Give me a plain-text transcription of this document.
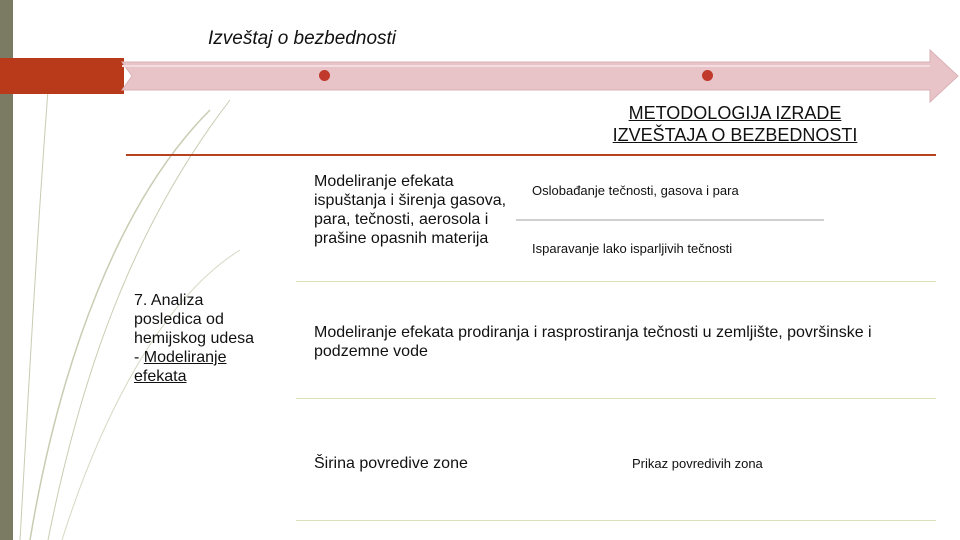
Izveštaj o bezbednosti
METODOLOGIJA IZRADE
IZVEŠTAJA O BEZBEDNOSTI
7. Analiza
posledica od
hemijskog udesa
- Modeliranje
efekata
Modeliranje efekata ispuštanja i širenja gasova, para, tečnosti, aerosola i prašine opasnih materija
Oslobađanje tečnosti, gasova i para
Isparavanje lako isparljivih tečnosti
Modeliranje efekata prodiranja i rasprostiranja tečnosti u zemljište, površinske i podzemne vode
Širina povredive zone	Prikaz povredivih zona
